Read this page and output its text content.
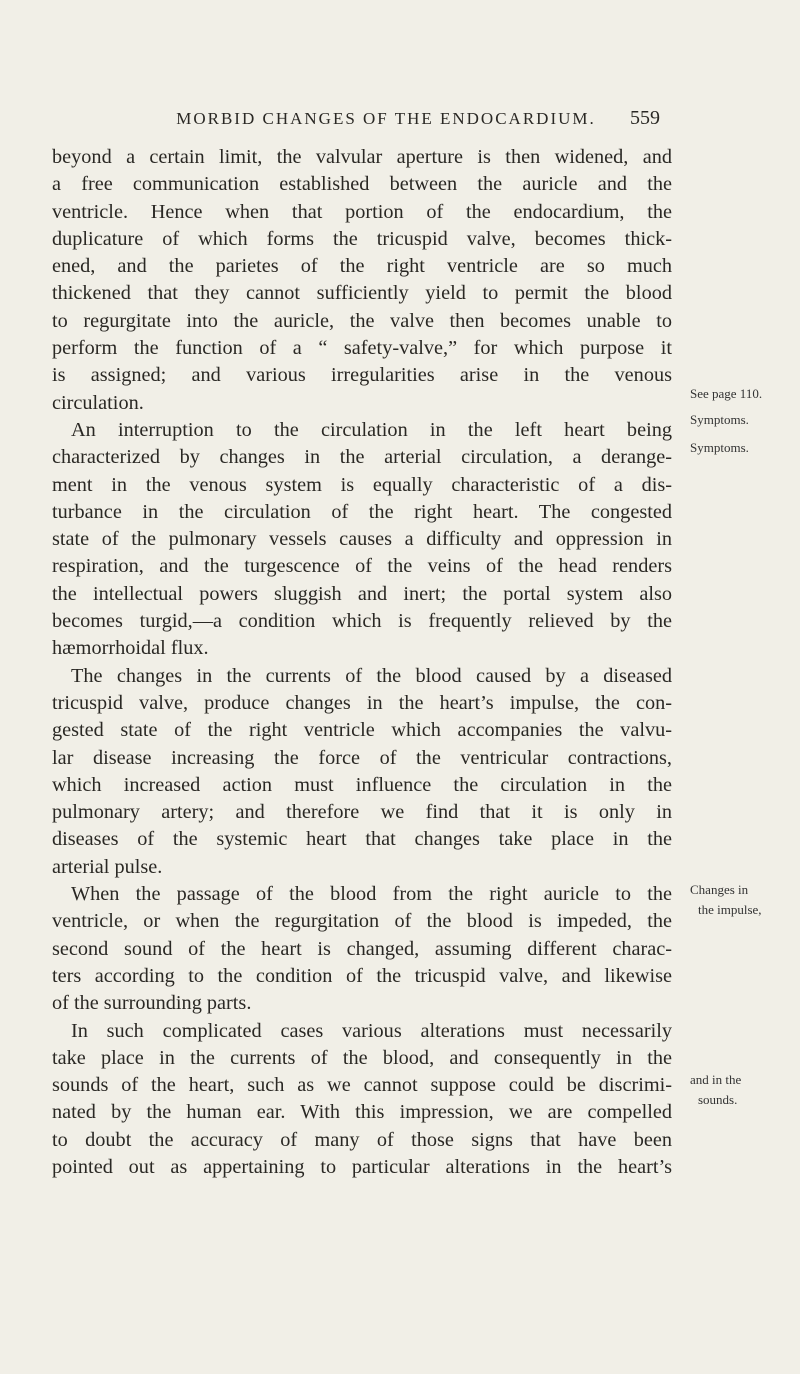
MORBID CHANGES OF THE ENDOCARDIUM. 559
beyond a certain limit, the valvular aperture is then widened, and
a free communication established between the auricle and the
ventricle. Hence when that portion of the endocardium, the
duplicature of which forms the tricuspid valve, becomes thick-
ened, and the parietes of the right ventricle are so much
thickened that they cannot sufficiently yield to permit the blood
to regurgitate into the auricle, the valve then becomes unable to
perform the function of a “ safety-valve,” for which purpose it
is assigned; and various irregularities arise in the venous
circulation.
An interruption to the circulation in the left heart being
characterized by changes in the arterial circulation, a derange-
ment in the venous system is equally characteristic of a dis-
turbance in the circulation of the right heart. The congested
state of the pulmonary vessels causes a difficulty and oppression in
respiration, and the turgescence of the veins of the head renders
the intellectual powers sluggish and inert; the portal system also
becomes turgid,—a condition which is frequently relieved by the
hæmorrhoidal flux.
The changes in the currents of the blood caused by a diseased
tricuspid valve, produce changes in the heart’s impulse, the con-
gested state of the right ventricle which accompanies the valvu-
lar disease increasing the force of the ventricular contractions,
which increased action must influence the circulation in the
pulmonary artery; and therefore we find that it is only in
diseases of the systemic heart that changes take place in the
arterial pulse.
When the passage of the blood from the right auricle to the
ventricle, or when the regurgitation of the blood is impeded, the
second sound of the heart is changed, assuming different charac-
ters according to the condition of the tricuspid valve, and likewise
of the surrounding parts.
In such complicated cases various alterations must necessarily
take place in the currents of the blood, and consequently in the
sounds of the heart, such as we cannot suppose could be discrimi-
nated by the human ear. With this impression, we are compelled
to doubt the accuracy of many of those signs that have been
pointed out as appertaining to particular alterations in the heart’s
See page 110.
Symptoms.
Symptoms.
Changes in
the impulse,
and in the
sounds.
